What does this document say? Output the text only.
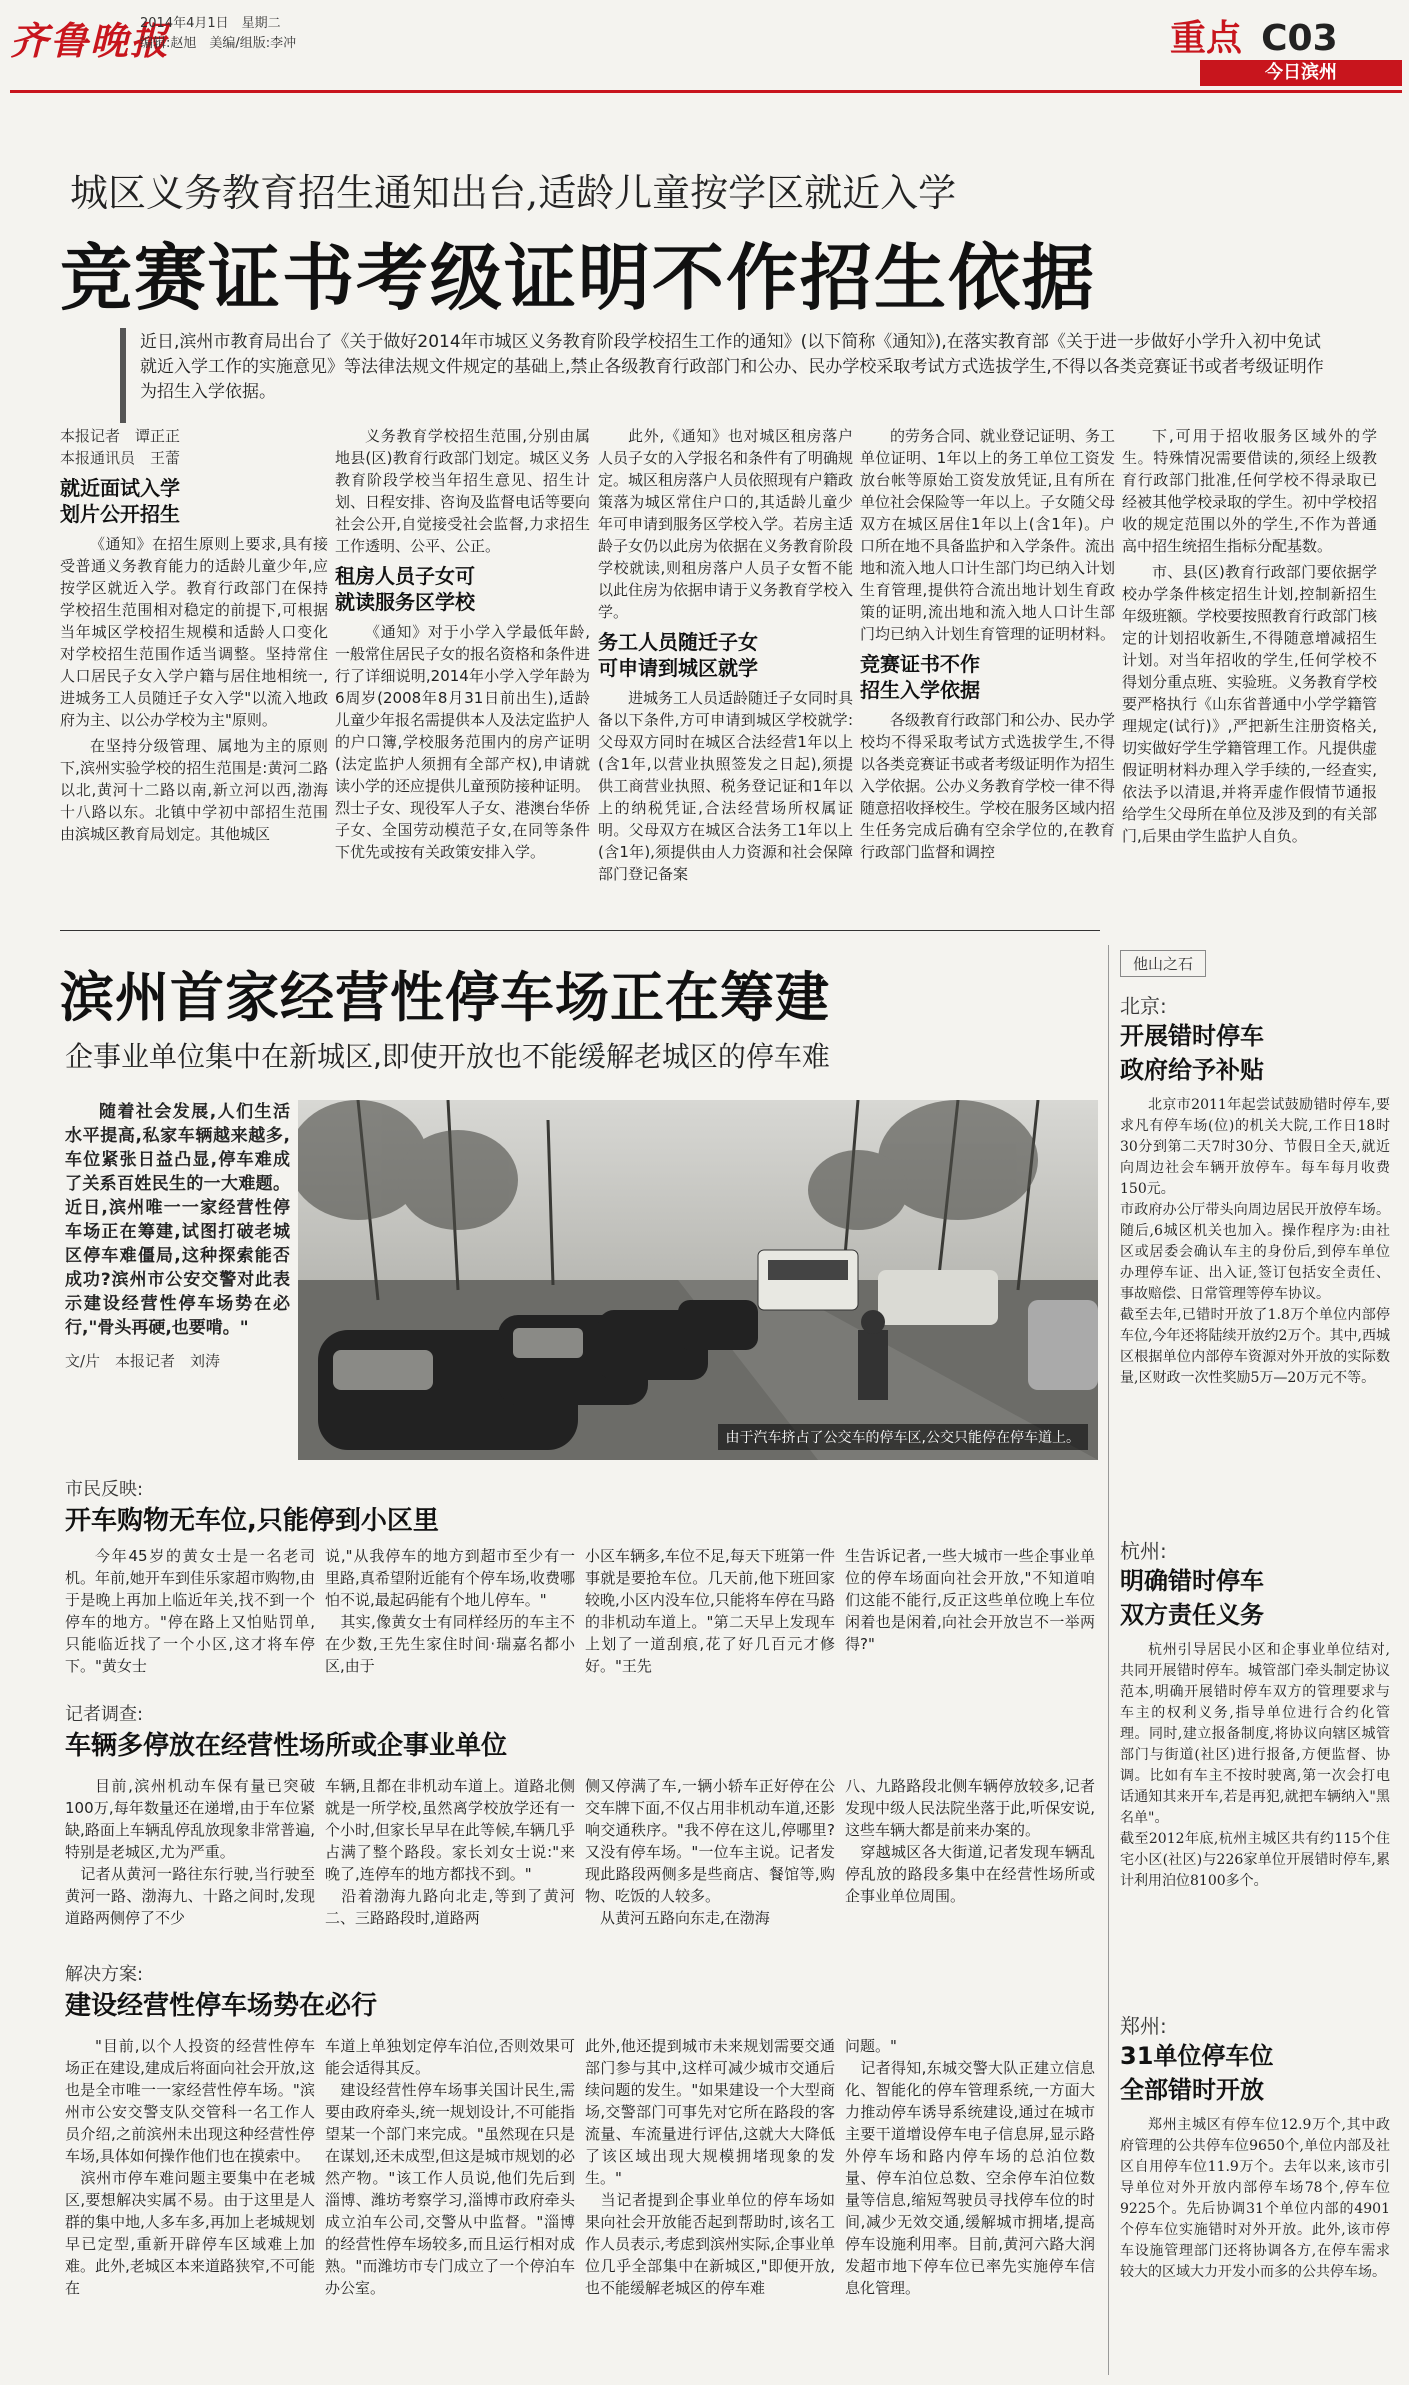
齐鲁晚报
2014年4月1日　星期二
编辑:赵旭　美编/组版:李冲	重点 C03
今日滨州
城区义务教育招生通知出台,适龄儿童按学区就近入学
竞赛证书考级证明不作招生依据
近日,滨州市教育局出台了《关于做好2014年市城区义务教育阶段学校招生工作的通知》(以下简称《通知》),在落实教育部《关于进一步做好小学升入初中免试就近入学工作的实施意见》等法律法规文件规定的基础上,禁止各级教育行政部门和公办、民办学校采取考试方式选拔学生,不得以各类竞赛证书或者考级证明作为招生入学依据。
本报记者　谭正正
本报通讯员　王蕾
就近面试入学
划片公开招生

《通知》在招生原则上要求,具有接受普通义务教育能力的适龄儿童少年,应按学区就近入学。教育行政部门在保持学校招生范围相对稳定的前提下,可根据当年城区学校招生规模和适龄人口变化对学校招生范围作适当调整。坚持常住人口居民子女入学户籍与居住地相统一,进城务工人员随迁子女入学"以流入地政府为主、以公办学校为主"原则。

在坚持分级管理、属地为主的原则下,滨州实验学校的招生范围是:黄河二路以北,黄河十二路以南,新立河以西,渤海十八路以东。北镇中学初中部招生范围由滨城区教育局划定。其他城区

义务教育学校招生范围,分别由属地县(区)教育行政部门划定。城区义务教育阶段学校当年招生意见、招生计划、日程安排、咨询及监督电话等要向社会公开,自觉接受社会监督,力求招生工作透明、公平、公正。

租房人员子女可
就读服务区学校

《通知》对于小学入学最低年龄,一般常住居民子女的报名资格和条件进行了详细说明,2014年小学入学年龄为6周岁(2008年8月31日前出生),适龄儿童少年报名需提供本人及法定监护人的户口簿,学校服务范围内的房产证明(法定监护人须拥有全部产权),申请就读小学的还应提供儿童预防接种证明。烈士子女、现役军人子女、港澳台华侨子女、全国劳动模范子女,在同等条件下优先或按有关政策安排入学。

此外,《通知》也对城区租房落户人员子女的入学报名和条件有了明确规定。城区租房落户人员依照现有户籍政策落为城区常住户口的,其适龄儿童少年可申请到服务区学校入学。若房主适龄子女仍以此房为依据在义务教育阶段学校就读,则租房落户人员子女暂不能以此住房为依据申请于义务教育学校入学。

务工人员随迁子女
可申请到城区就学

进城务工人员适龄随迁子女同时具备以下条件,方可申请到城区学校就学:父母双方同时在城区合法经营1年以上(含1年,以营业执照签发之日起),须提供工商营业执照、税务登记证和1年以上的纳税凭证,合法经营场所权属证明。父母双方在城区合法务工1年以上(含1年),须提供由人力资源和社会保障部门登记备案

的劳务合同、就业登记证明、务工单位证明、1年以上的务工单位工资发放台帐等原始工资发放凭证,且有所在单位社会保险等一年以上。子女随父母双方在城区居住1年以上(含1年)。户口所在地不具备监护和入学条件。流出地和流入地人口计生部门均已纳入计划生育管理,提供符合流出地计划生育政策的证明,流出地和流入地人口计生部门均已纳入计划生育管理的证明材料。

竞赛证书不作
招生入学依据

各级教育行政部门和公办、民办学校均不得采取考试方式选拔学生,不得以各类竞赛证书或者考级证明作为招生入学依据。公办义务教育学校一律不得随意招收择校生。学校在服务区域内招生任务完成后确有空余学位的,在教育行政部门监督和调控

下,可用于招收服务区域外的学生。特殊情况需要借读的,须经上级教育行政部门批准,任何学校不得录取已经被其他学校录取的学生。初中学校招收的规定范围以外的学生,不作为普通高中招生统招生指标分配基数。

市、县(区)教育行政部门要依据学校办学条件核定招生计划,控制新招生年级班额。学校要按照教育行政部门核定的计划招收新生,不得随意增减招生计划。对当年招收的学生,任何学校不得划分重点班、实验班。义务教育学校要严格执行《山东省普通中小学学籍管理规定(试行)》,严把新生注册资格关,切实做好学生学籍管理工作。凡提供虚假证明材料办理入学手续的,一经查实,依法予以清退,并将弄虚作假情节通报给学生父母所在单位及涉及到的有关部门,后果由学生监护人自负。

滨州首家经营性停车场正在筹建
企事业单位集中在新城区,即使开放也不能缓解老城区的停车难
随着社会发展,人们生活水平提高,私家车辆越来越多,车位紧张日益凸显,停车难成了关系百姓民生的一大难题。近日,滨州唯一一家经营性停车场正在筹建,试图打破老城区停车难僵局,这种探索能否成功?滨州市公安交警对此表示建设经营性停车场势在必行,"骨头再硬,也要啃。"
文/片　本报记者　刘涛
由于汽车挤占了公交车的停车区,公交只能停在停车道上。
市民反映:
开车购物无车位,只能停到小区里
今年45岁的黄女士是一名老司机。年前,她开车到佳乐家超市购物,由于是晚上再加上临近年关,找不到一个停车的地方。"停在路上又怕贴罚单,只能临近找了一个小区,这才将车停下。"黄女士
说,"从我停车的地方到超市至少有一里路,真希望附近能有个停车场,收费哪怕不说,最起码能有个地儿停车。"
　其实,像黄女士有同样经历的车主不在少数,王先生家住时间·瑞嘉名都小区,由于
小区车辆多,车位不足,每天下班第一件事就是要抢车位。几天前,他下班回家较晚,小区内没车位,只能将车停在马路的非机动车道上。"第二天早上发现车上划了一道刮痕,花了好几百元才修好。"王先
生告诉记者,一些大城市一些企事业单位的停车场面向社会开放,"不知道咱们这能不能行,反正这些单位晚上车位闲着也是闲着,向社会开放岂不一举两得?"
记者调查:
车辆多停放在经营性场所或企事业单位
目前,滨州机动车保有量已突破100万,每年数量还在递增,由于车位紧缺,路面上车辆乱停乱放现象非常普遍,特别是老城区,尤为严重。
　记者从黄河一路往东行驶,当行驶至黄河一路、渤海九、十路之间时,发现道路两侧停了不少
车辆,且都在非机动车道上。道路北侧就是一所学校,虽然离学校放学还有一个小时,但家长早早在此等候,车辆几乎占满了整个路段。家长刘女士说:"来晚了,连停车的地方都找不到。"
　沿着渤海九路向北走,等到了黄河二、三路路段时,道路两
侧又停满了车,一辆小轿车正好停在公交车牌下面,不仅占用非机动车道,还影响交通秩序。"我不停在这儿,停哪里?又没有停车场。"一位车主说。记者发现此路段两侧多是些商店、餐馆等,购物、吃饭的人较多。
　从黄河五路向东走,在渤海
八、九路路段北侧车辆停放较多,记者发现中级人民法院坐落于此,听保安说,这些车辆大都是前来办案的。
　穿越城区各大街道,记者发现车辆乱停乱放的路段多集中在经营性场所或企事业单位周围。
解决方案:
建设经营性停车场势在必行
"目前,以个人投资的经营性停车场正在建设,建成后将面向社会开放,这也是全市唯一一家经营性停车场。"滨州市公安交警支队交管科一名工作人员介绍,之前滨州未出现这种经营性停车场,具体如何操作他们也在摸索中。
　滨州市停车难问题主要集中在老城区,要想解决实属不易。由于这里是人群的集中地,人多车多,再加上老城规划早已定型,重新开辟停车区域难上加难。此外,老城区本来道路狭窄,不可能在
车道上单独划定停车泊位,否则效果可能会适得其反。
　建设经营性停车场事关国计民生,需要由政府牵头,统一规划设计,不可能指望某一个部门来完成。"虽然现在只是在谋划,还未成型,但这是城市规划的必然产物。"该工作人员说,他们先后到淄博、潍坊考察学习,淄博市政府牵头成立泊车公司,交警从中监督。"淄博的经营性停车场较多,而且运行相对成熟。"而潍坊市专门成立了一个停泊车办公室。
此外,他还提到城市未来规划需要交通部门参与其中,这样可减少城市交通后续问题的发生。"如果建设一个大型商场,交警部门可事先对它所在路段的客流量、车流量进行评估,这就大大降低了该区域出现大规模拥堵现象的发生。"
　当记者提到企事业单位的停车场如果向社会开放能否起到帮助时,该名工作人员表示,考虑到滨州实际,企事业单位几乎全部集中在新城区,"即便开放,也不能缓解老城区的停车难
问题。"
　记者得知,东城交警大队正建立信息化、智能化的停车管理系统,一方面大力推动停车诱导系统建设,通过在城市主要干道增设停车电子信息屏,显示路外停车场和路内停车场的总泊位数量、停车泊位总数、空余停车泊位数量等信息,缩短驾驶员寻找停车位的时间,减少无效交通,缓解城市拥堵,提高停车设施利用率。目前,黄河六路大润发超市地下停车位已率先实施停车信息化管理。
他山之石
北京:
开展错时停车
政府给予补贴
北京市2011年起尝试鼓励错时停车,要求凡有停车场(位)的机关大院,工作日18时30分到第二天7时30分、节假日全天,就近向周边社会车辆开放停车。每车每月收费150元。
市政府办公厅带头向周边居民开放停车场。随后,6城区机关也加入。操作程序为:由社区或居委会确认车主的身份后,到停车单位办理停车证、出入证,签订包括安全责任、事故赔偿、日常管理等停车协议。
截至去年,已错时开放了1.8万个单位内部停车位,今年还将陆续开放约2万个。其中,西城区根据单位内部停车资源对外开放的实际数量,区财政一次性奖励5万—20万元不等。
杭州:
明确错时停车
双方责任义务
杭州引导居民小区和企事业单位结对,共同开展错时停车。城管部门牵头制定协议范本,明确开展错时停车双方的管理要求与车主的权利义务,指导单位进行合约化管理。同时,建立报备制度,将协议向辖区城管部门与街道(社区)进行报备,方便监督、协调。比如有车主不按时驶离,第一次会打电话通知其来开车,若是再犯,就把车辆纳入"黑名单"。
截至2012年底,杭州主城区共有约115个住宅小区(社区)与226家单位开展错时停车,累计利用泊位8100多个。
郑州:
31单位停车位
全部错时开放
郑州主城区有停车位12.9万个,其中政府管理的公共停车位9650个,单位内部及社区自用停车位11.9万个。去年以来,该市引导单位对外开放内部停车场78个,停车位9225个。先后协调31个单位内部的4901个停车位实施错时对外开放。此外,该市停车设施管理部门还将协调各方,在停车需求较大的区域大力开发小而多的公共停车场。
